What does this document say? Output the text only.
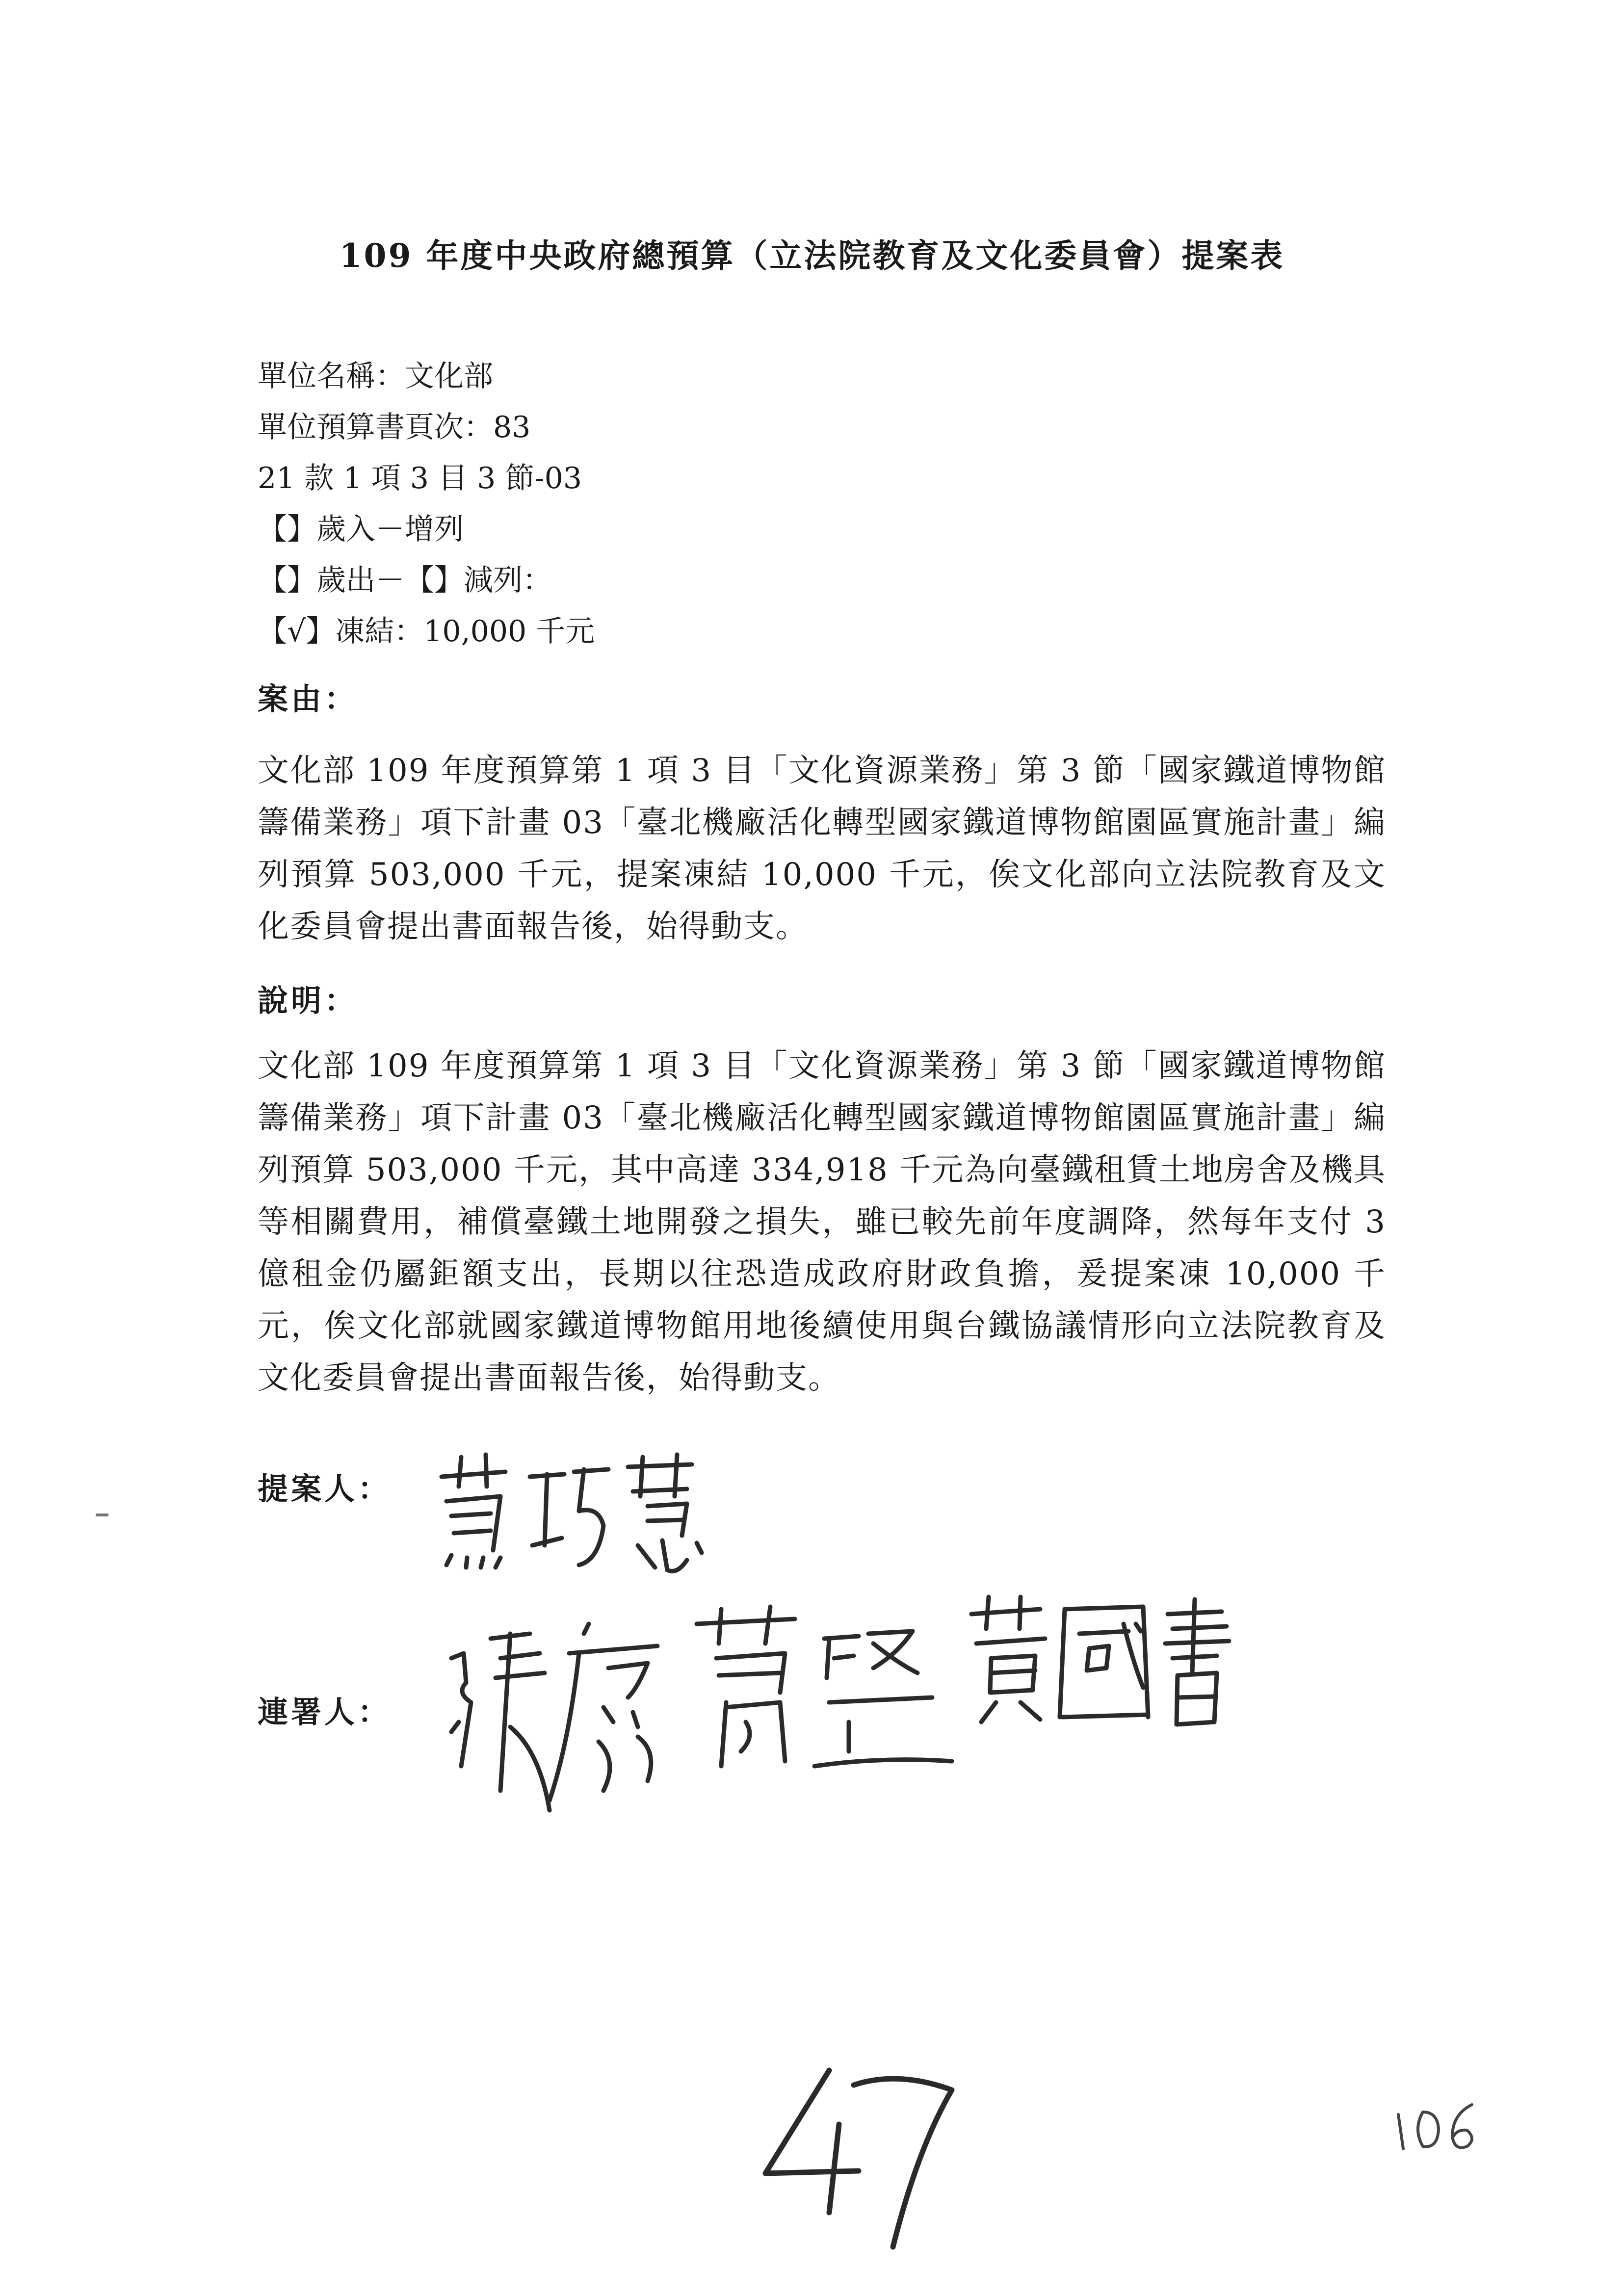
109 年度中央政府總預算（立法院教育及文化委員會）提案表
單位名稱：文化部
單位預算書頁次：83
21 款 1 項 3 目 3 節-03
【】歲入－增列
【】歲出－【】減列：
【√】凍結：10,000 千元
案由：
文化部 109 年度預算第 1 項 3 目「文化資源業務」第 3 節「國家鐵道博物館籌備業務」項下計畫 03「臺北機廠活化轉型國家鐵道博物館園區實施計畫」編列預算 503,000 千元，提案凍結 10,000 千元，俟文化部向立法院教育及文化委員會提出書面報告後，始得動支。
說明：
文化部 109 年度預算第 1 項 3 目「文化資源業務」第 3 節「國家鐵道博物館籌備業務」項下計畫 03「臺北機廠活化轉型國家鐵道博物館園區實施計畫」編列預算 503,000 千元，其中高達 334,918 千元為向臺鐵租賃土地房舍及機具等相關費用，補償臺鐵土地開發之損失，雖已較先前年度調降，然每年支付 3 億租金仍屬鉅額支出，長期以往恐造成政府財政負擔，爰提案凍 10,000 千元，俟文化部就國家鐵道博物館用地後續使用與台鐵協議情形向立法院教育及文化委員會提出書面報告後，始得動支。
提案人：
連署人：
47
106
